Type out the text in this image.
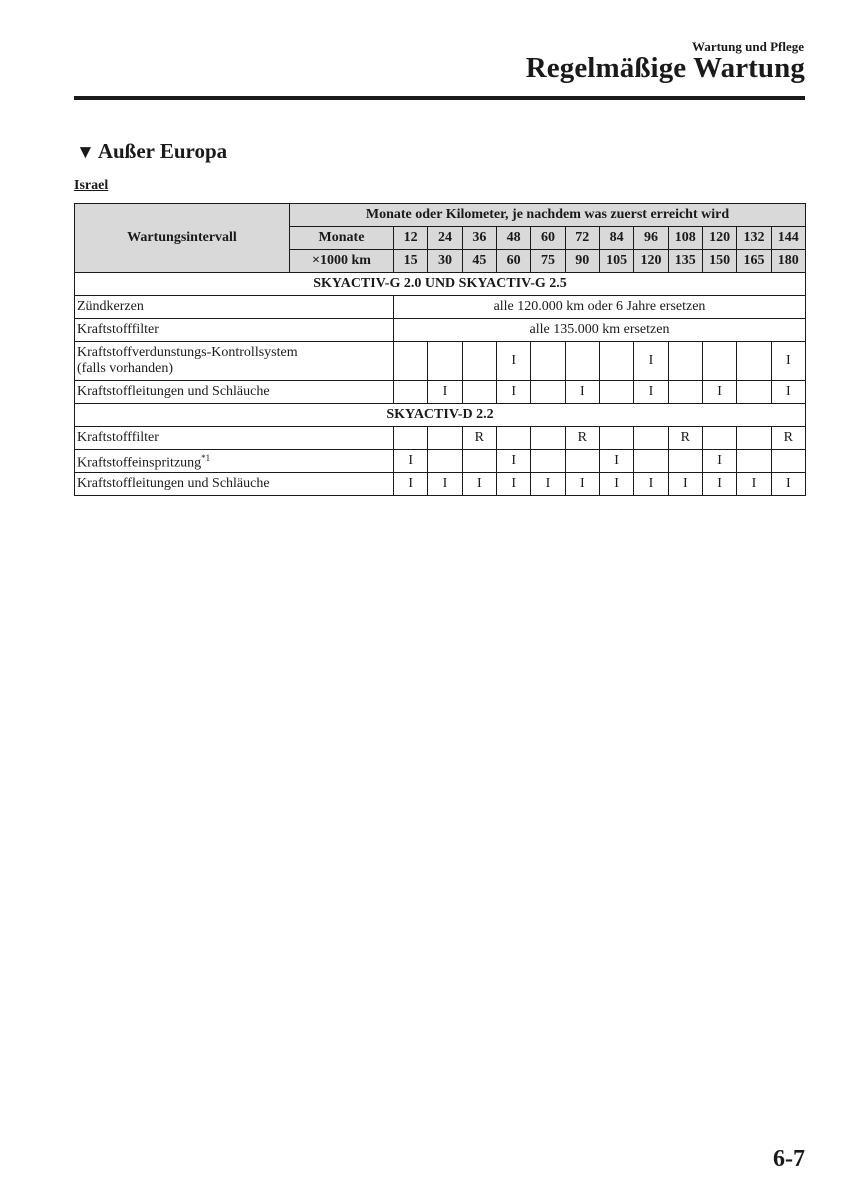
Wartung und Pflege
Regelmäßige Wartung
▼ Außer Europa
Israel
Wartungsintervall	Monate oder Kilometer, je nachdem was zuerst erreicht wird												
	Monate	12	24	36	48	60	72	84	96	108	120	132	144
	×1000 km	15	30	45	60	75	90	105	120	135	150	165	180
SKYACTIV-G 2.0 UND SKYACTIV-G 2.5													
Zündkerzen		alle 120.000 km oder 6 Jahre ersetzen											
Kraftstofffilter		alle 135.000 km ersetzen											
Kraftstoffverdunstungs-Kontrollsystem
(falls vorhanden)					I				I				I
Kraftstoffleitungen und Schläuche			I		I		I		I		I		I
SKYACTIV-D 2.2													
Kraftstofffilter				R			R			R			R
Kraftstoffeinspritzung$^{*1}$		I			I			I			I		
Kraftstoffleitungen und Schläuche		I	I	I	I	I	I	I	I	I	I	I	I
6-7
